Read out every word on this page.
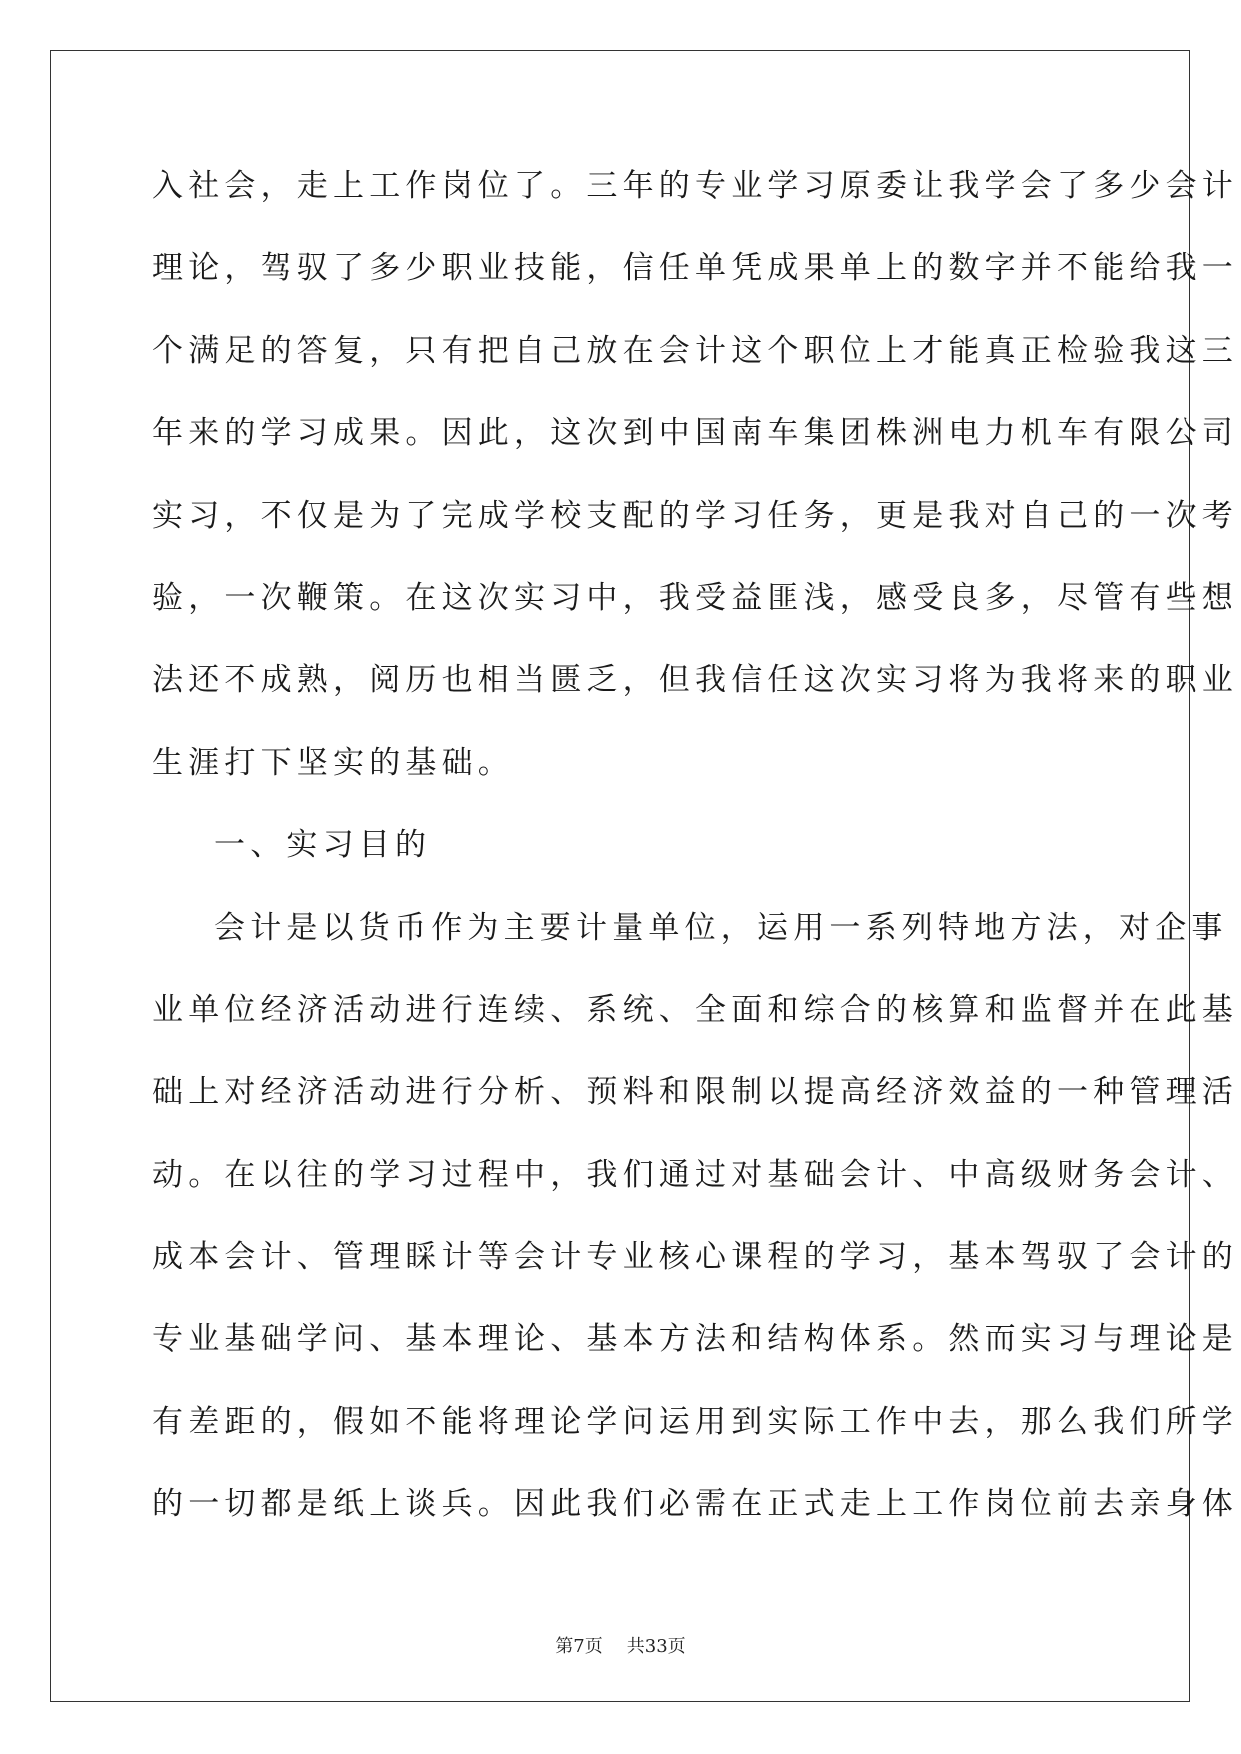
入社会，走上工作岗位了。三年的专业学习原委让我学会了多少会计
理论，驾驭了多少职业技能，信任单凭成果单上的数字并不能给我一
个满足的答复，只有把自己放在会计这个职位上才能真正检验我这三
年来的学习成果。因此，这次到中国南车集团株洲电力机车有限公司
实习，不仅是为了完成学校支配的学习任务，更是我对自己的一次考
验，一次鞭策。在这次实习中，我受益匪浅，感受良多，尽管有些想
法还不成熟，阅历也相当匮乏，但我信任这次实习将为我将来的职业
生涯打下坚实的基础。
一、实习目的
会计是以货币作为主要计量单位，运用一系列特地方法，对企事
业单位经济活动进行连续、系统、全面和综合的核算和监督并在此基
础上对经济活动进行分析、预料和限制以提高经济效益的一种管理活
动。在以往的学习过程中，我们通过对基础会计、中高级财务会计、
成本会计、管理睬计等会计专业核心课程的学习，基本驾驭了会计的
专业基础学问、基本理论、基本方法和结构体系。然而实习与理论是
有差距的，假如不能将理论学问运用到实际工作中去，那么我们所学
的一切都是纸上谈兵。因此我们必需在正式走上工作岗位前去亲身体
第7页 共33页
